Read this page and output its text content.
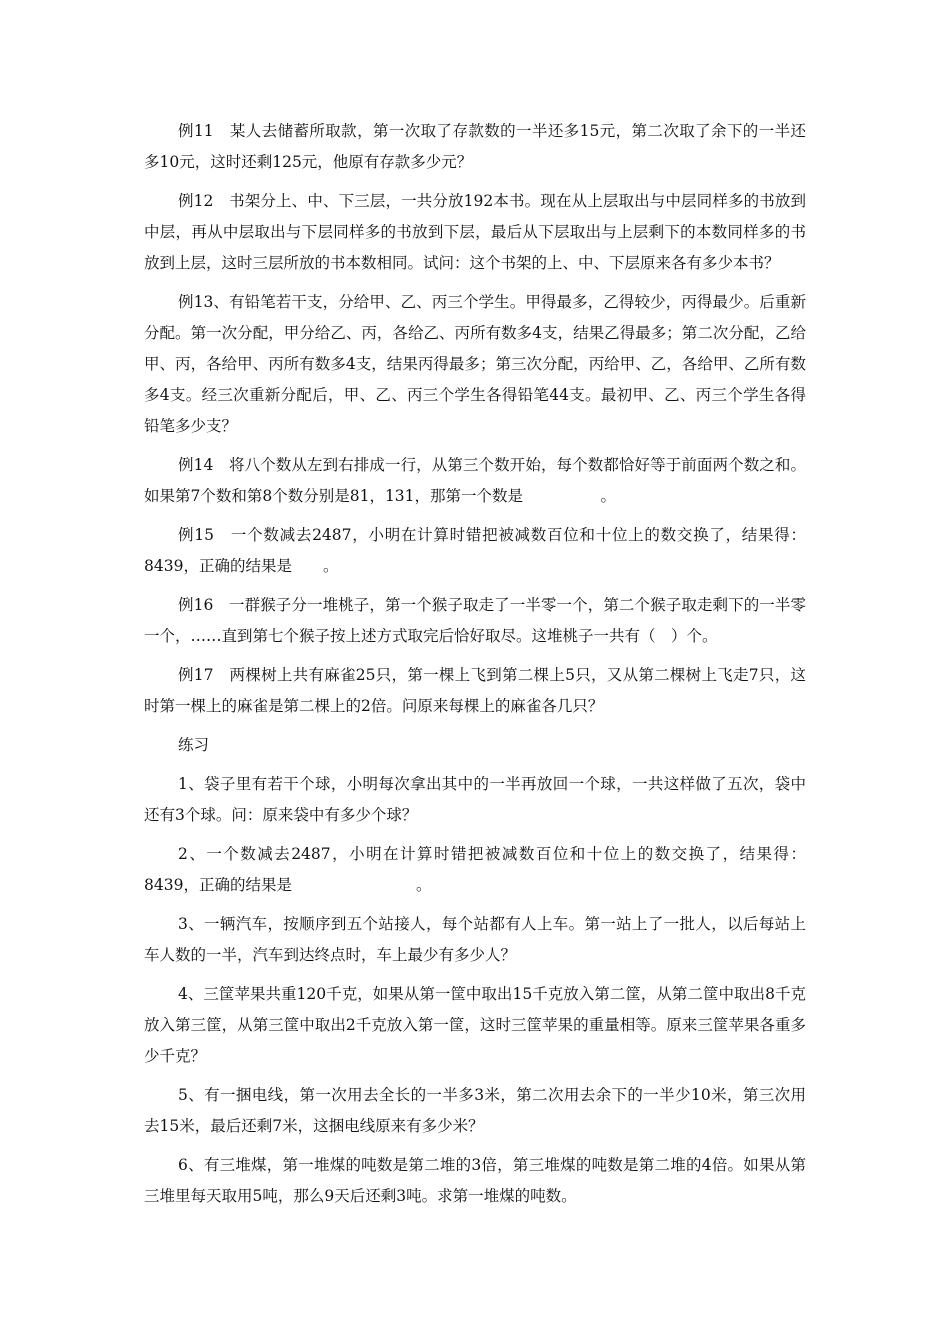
例11　某人去储蓄所取款，第一次取了存款数的一半还多15元，第二次取了余下的一半还多10元，这时还剩125元，他原有存款多少元？

例12　书架分上、中、下三层，一共分放192本书。现在从上层取出与中层同样多的书放到中层，再从中层取出与下层同样多的书放到下层，最后从下层取出与上层剩下的本数同样多的书放到上层，这时三层所放的书本数相同。试问：这个书架的上、中、下层原来各有多少本书？

例13、有铅笔若干支，分给甲、乙、丙三个学生。甲得最多，乙得较少，丙得最少。后重新分配。第一次分配，甲分给乙、丙，各给乙、丙所有数多4支，结果乙得最多；第二次分配，乙给甲、丙，各给甲、丙所有数多4支，结果丙得最多；第三次分配，丙给甲、乙，各给甲、乙所有数多4支。经三次重新分配后，甲、乙、丙三个学生各得铅笔44支。最初甲、乙、丙三个学生各得铅笔多少支？

例14　将八个数从左到右排成一行，从第三个数开始，每个数都恰好等于前面两个数之和。如果第7个数和第8个数分别是81，131，那第一个数是　　　　　。

例15　一个数减去2487，小明在计算时错把被减数百位和十位上的数交换了，结果得：8439，正确的结果是　　。

例16　一群猴子分一堆桃子，第一个猴子取走了一半零一个，第二个猴子取走剩下的一半零一个，……直到第七个猴子按上述方式取完后恰好取尽。这堆桃子一共有（　）个。

例17　两棵树上共有麻雀25只，第一棵上飞到第二棵上5只，又从第二棵树上飞走7只，这时第一棵上的麻雀是第二棵上的2倍。问原来每棵上的麻雀各几只？

练习

1、袋子里有若干个球，小明每次拿出其中的一半再放回一个球，一共这样做了五次，袋中还有3个球。问：原来袋中有多少个球？

2、一个数减去2487，小明在计算时错把被减数百位和十位上的数交换了，结果得：8439，正确的结果是　　　　　　　　。

3、一辆汽车，按顺序到五个站接人，每个站都有人上车。第一站上了一批人，以后每站上车人数的一半，汽车到达终点时，车上最少有多少人？

4、三筐苹果共重120千克，如果从第一筐中取出15千克放入第二筐，从第二筐中取出8千克放入第三筐，从第三筐中取出2千克放入第一筐，这时三筐苹果的重量相等。原来三筐苹果各重多少千克？

5、有一捆电线，第一次用去全长的一半多3米，第二次用去余下的一半少10米，第三次用去15米，最后还剩7米，这捆电线原来有多少米？

6、有三堆煤，第一堆煤的吨数是第二堆的3倍，第三堆煤的吨数是第二堆的4倍。如果从第三堆里每天取用5吨，那么9天后还剩3吨。求第一堆煤的吨数。
